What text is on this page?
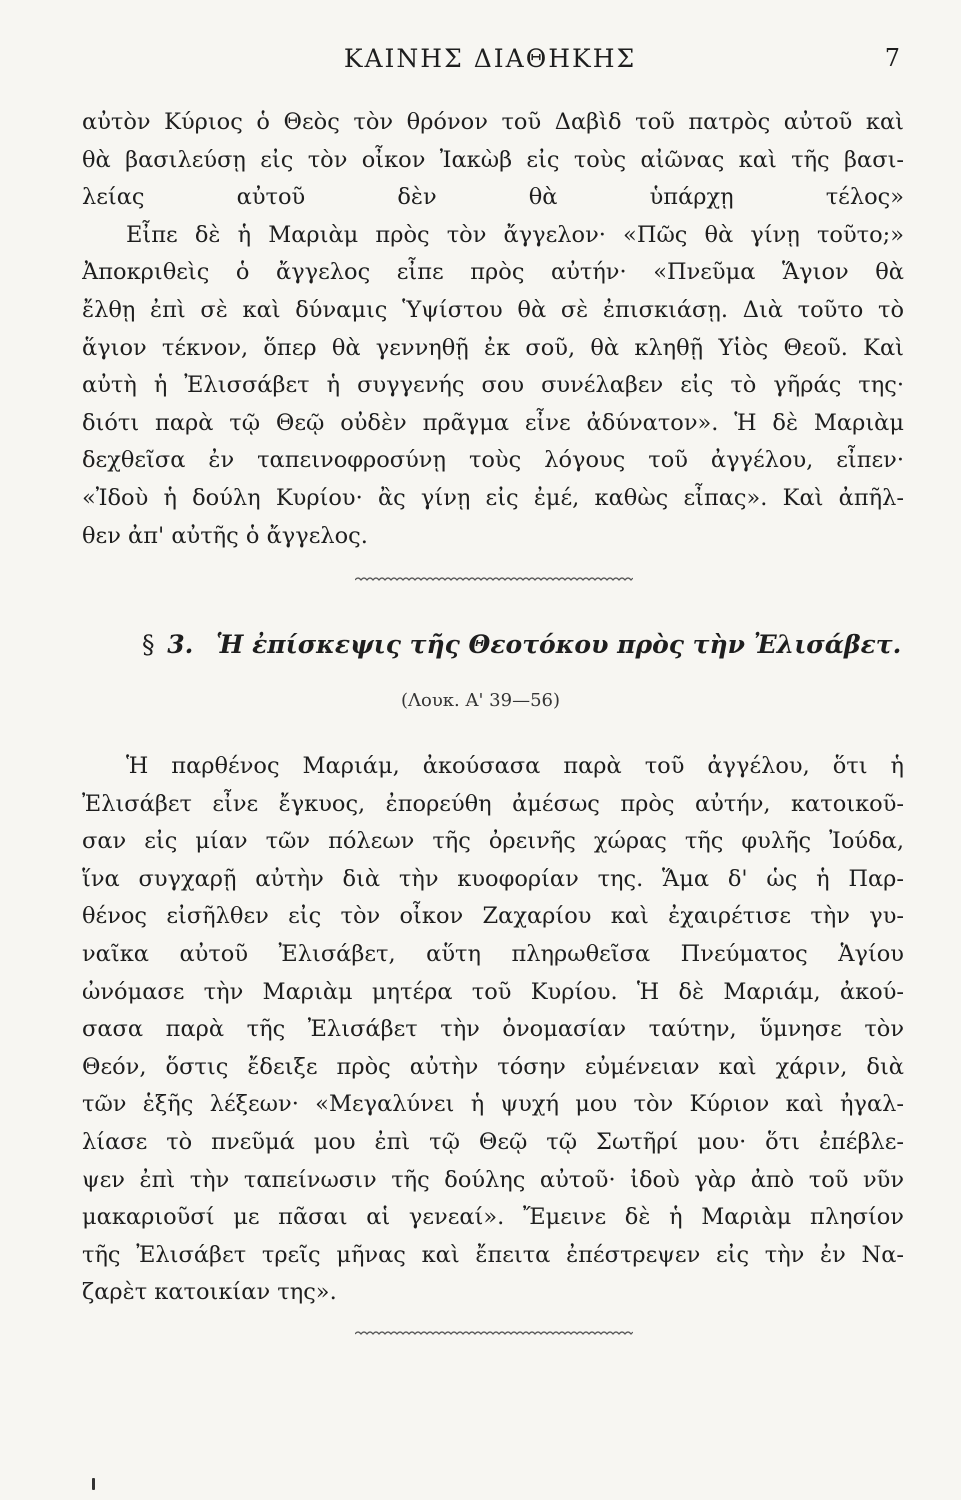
ΚΑΙΝΗΣ ΔΙΑΘΗΚΗΣ	7
αὐτὸν Κύριος ὁ Θεὸς τὸν θρόνον τοῦ Δαβὶδ τοῦ πατρὸς αὐτοῦ καὶ
θὰ βασιλεύσῃ εἰς τὸν οἶκον Ἰακὼβ εἰς τοὺς αἰῶνας καὶ τῆς βασι-
λείας αὐτοῦ δὲν θὰ ὑπάρχῃ τέλος»
Εἶπε δὲ ἡ Μαριὰμ πρὸς τὸν ἄγγελον· «Πῶς θὰ γίνῃ τοῦτο;»
Ἀποκριθεὶς ὁ ἄγγελος εἶπε πρὸς αὐτήν· «Πνεῦμα Ἅγιον θὰ
ἔλθῃ ἐπὶ σὲ καὶ δύναμις Ὑψίστου θὰ σὲ ἐπισκιάσῃ. Διὰ τοῦτο τὸ
ἅγιον τέκνον, ὅπερ θὰ γεννηθῇ ἐκ σοῦ, θὰ κληθῇ Υἱὸς Θεοῦ. Καὶ
αὐτὴ ἡ Ἐλισσάβετ ἡ συγγενής σου συνέλαβεν εἰς τὸ γῆράς της·
διότι παρὰ τῷ Θεῷ οὐδὲν πρᾶγμα εἶνε ἀδύνατον». Ἡ δὲ Μαριὰμ
δεχθεῖσα ἐν ταπεινοφροσύνῃ τοὺς λόγους τοῦ ἀγγέλου, εἶπεν·
«Ἰδοὺ ἡ δούλη Κυρίου· ἂς γίνῃ εἰς ἐμέ, καθὼς εἶπας». Καὶ ἀπῆλ-
θεν ἀπ' αὐτῆς ὁ ἄγγελος.
§ 3. Ἡ ἐπίσκεψις τῆς Θεοτόκου πρὸς τὴν Ἐλισάβετ.
(Λουκ. Α' 39—56)
Ἡ παρθένος Μαριάμ, ἀκούσασα παρὰ τοῦ ἀγγέλου, ὅτι ἡ
Ἐλισάβετ εἶνε ἔγκυος, ἐπορεύθη ἀμέσως πρὸς αὐτήν, κατοικοῦ-
σαν εἰς μίαν τῶν πόλεων τῆς ὀρεινῆς χώρας τῆς φυλῆς Ἰούδα,
ἵνα συγχαρῇ αὐτὴν διὰ τὴν κυοφορίαν της. Ἅμα δ' ὡς ἡ Παρ-
θένος εἰσῆλθεν εἰς τὸν οἶκον Ζαχαρίου καὶ ἐχαιρέτισε τὴν γυ-
ναῖκα αὐτοῦ Ἐλισάβετ, αὕτη πληρωθεῖσα Πνεύματος Ἁγίου
ὠνόμασε τὴν Μαριὰμ μητέρα τοῦ Κυρίου. Ἡ δὲ Μαριάμ, ἀκού-
σασα παρὰ τῆς Ἐλισάβετ τὴν ὀνομασίαν ταύτην, ὕμνησε τὸν
Θεόν, ὅστις ἔδειξε πρὸς αὐτὴν τόσην εὐμένειαν καὶ χάριν, διὰ
τῶν ἑξῆς λέξεων· «Μεγαλύνει ἡ ψυχή μου τὸν Κύριον καὶ ἠγαλ-
λίασε τὸ πνεῦμά μου ἐπὶ τῷ Θεῷ τῷ Σωτῆρί μου· ὅτι ἐπέβλε-
ψεν ἐπὶ τὴν ταπείνωσιν τῆς δούλης αὐτοῦ· ἰδοὺ γὰρ ἀπὸ τοῦ νῦν
μακαριοῦσί με πᾶσαι αἱ γενεαί». Ἔμεινε δὲ ἡ Μαριὰμ πλησίον
τῆς Ἐλισάβετ τρεῖς μῆνας καὶ ἔπειτα ἐπέστρεψεν εἰς τὴν ἐν Να-
ζαρὲτ κατοικίαν της».
